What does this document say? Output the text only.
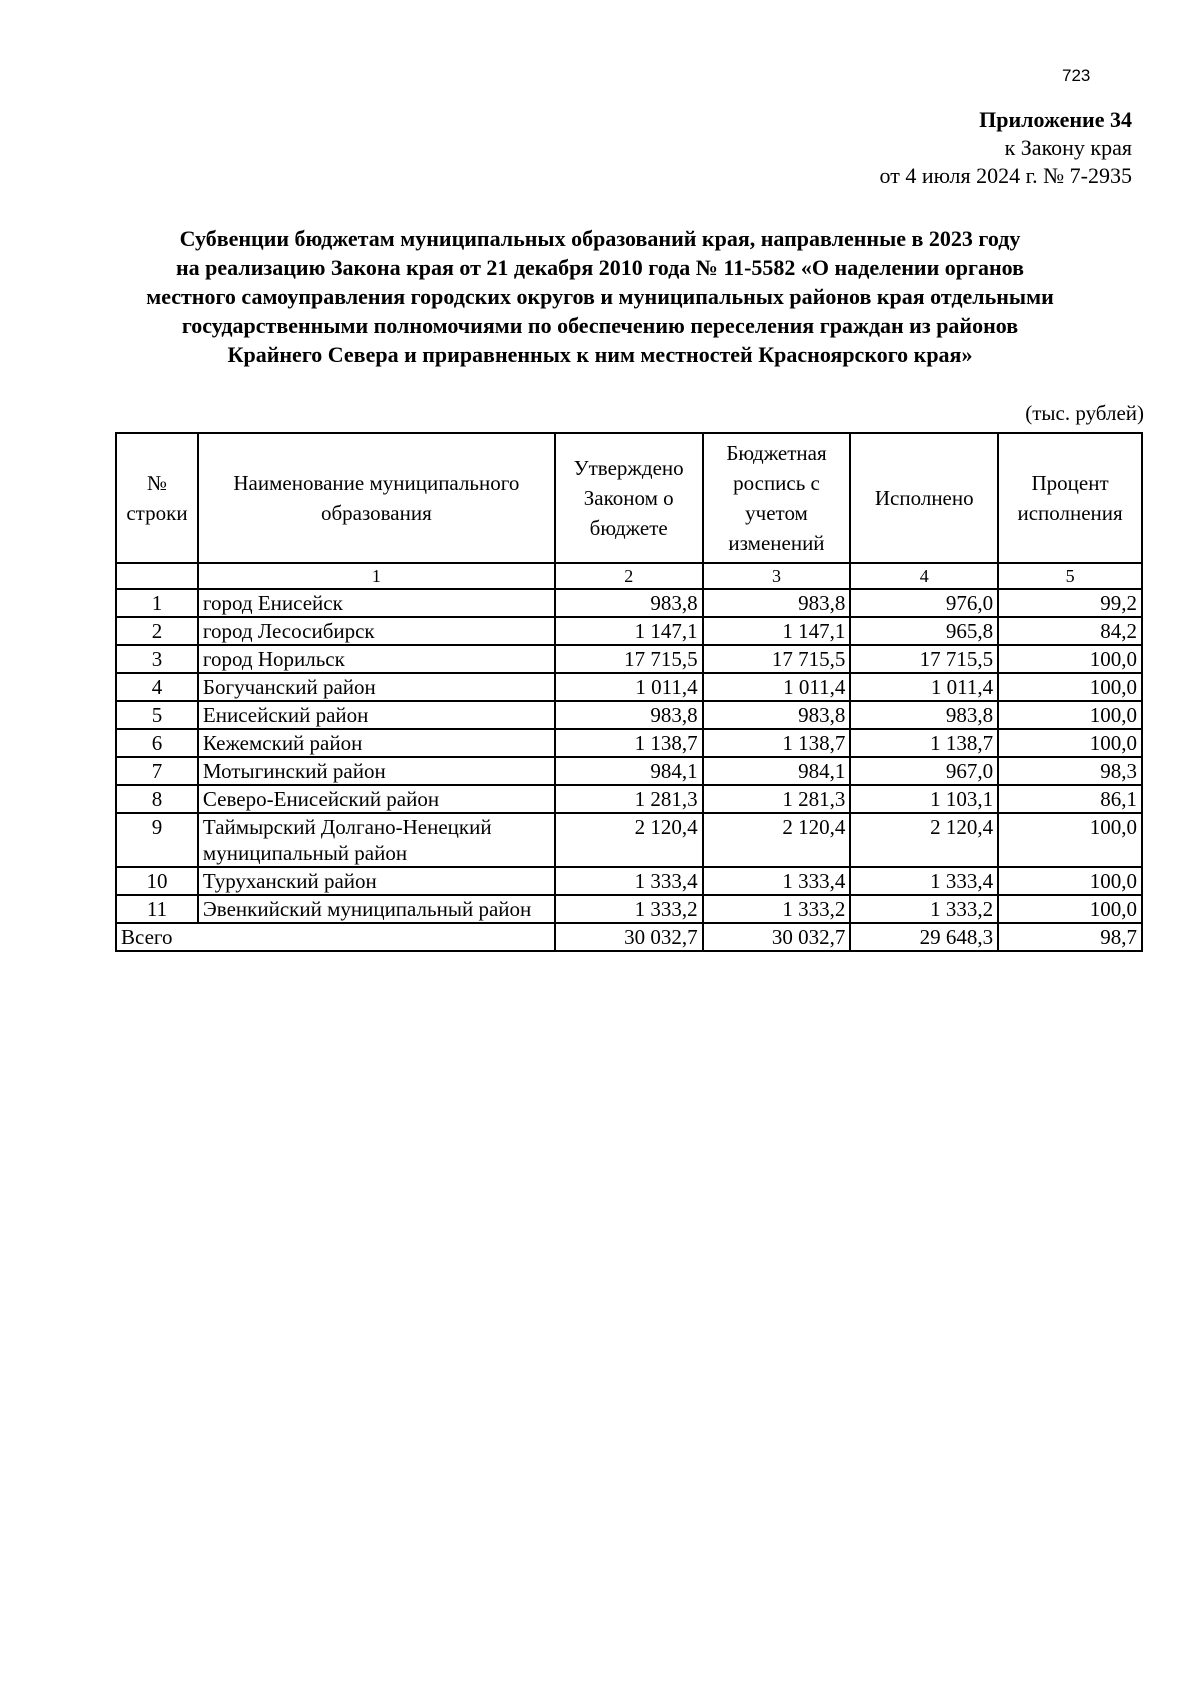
723
Приложение 34
к Закону края
от 4 июля 2024 г. № 7-2935
Субвенции бюджетам муниципальных образований края, направленные в 2023 году
на реализацию Закона края от 21 декабря 2010 года № 11-5582 «О наделении органов
местного самоуправления городских округов и муниципальных районов края отдельными
государственными полномочиями по обеспечению переселения граждан из районов
Крайнего Севера и приравненных к ним местностей Красноярского края»
(тыс. рублей)
№ строки	Наименование муниципального образования	Утверждено Законом о бюджете	Бюджетная роспись с учетом изменений	Исполнено	Процент исполнения
	1	2	3	4	5
1	город Енисейск	983,8	983,8	976,0	99,2
2	город Лесосибирск	1 147,1	1 147,1	965,8	84,2
3	город Норильск	17 715,5	17 715,5	17 715,5	100,0
4	Богучанский район	1 011,4	1 011,4	1 011,4	100,0
5	Енисейский район	983,8	983,8	983,8	100,0
6	Кежемский район	1 138,7	1 138,7	1 138,7	100,0
7	Мотыгинский район	984,1	984,1	967,0	98,3
8	Северо-Енисейский район	1 281,3	1 281,3	1 103,1	86,1
9	Таймырский Долгано-Ненецкий муниципальный район	2 120,4	2 120,4	2 120,4	100,0
10	Туруханский район	1 333,4	1 333,4	1 333,4	100,0
11	Эвенкийский муниципальный район	1 333,2	1 333,2	1 333,2	100,0
Всего		30 032,7	30 032,7	29 648,3	98,7
